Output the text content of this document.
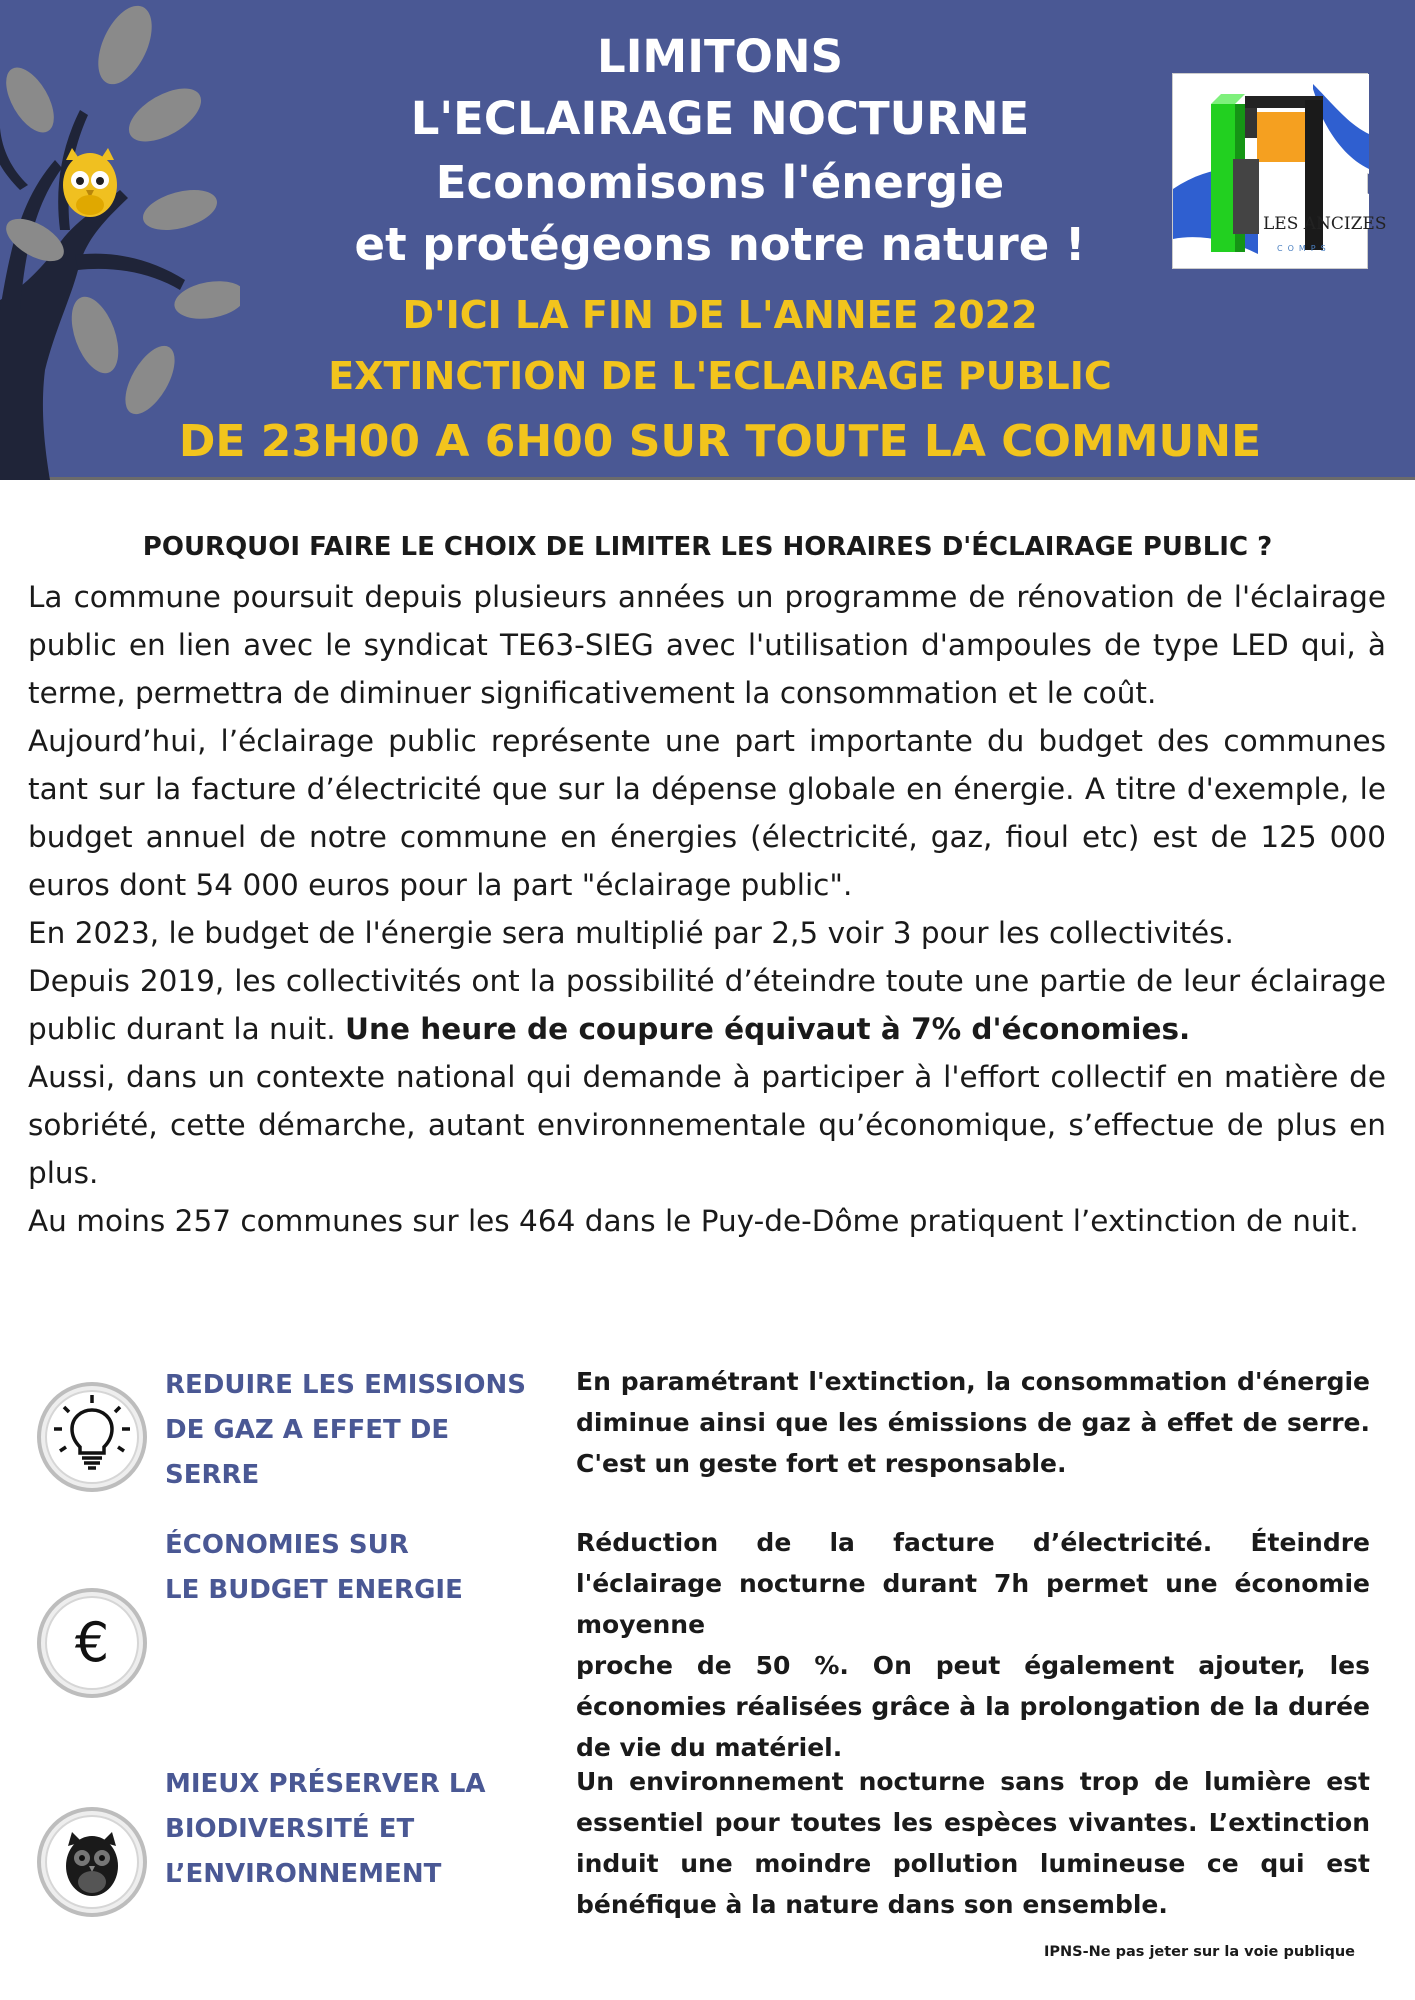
LIMITONS
L'ECLAIRAGE NOCTURNE
Economisons l'énergie
et protégeons notre nature !
D'ICI LA FIN DE L'ANNEE 2022
EXTINCTION DE L'ECLAIRAGE PUBLIC
DE 23H00 A 6H00 SUR TOUTE LA COMMUNE
LES ANCIZES
COMPS
POURQUOI FAIRE LE CHOIX DE LIMITER LES HORAIRES D'ÉCLAIRAGE PUBLIC ?

La commune poursuit depuis plusieurs années un programme de rénovation de l'éclairage public en lien avec le syndicat TE63-SIEG avec l'utilisation d'ampoules de type LED qui, à terme, permettra de diminuer significativement la consommation et le coût.

Aujourd’hui, l’éclairage public représente une part importante du budget des communes tant sur la facture d’électricité que sur la dépense globale en énergie. A titre d'exemple, le budget annuel de notre commune en énergies (électricité, gaz, fioul etc) est de 125 000 euros dont 54 000 euros pour la part "éclairage public".

En 2023, le budget de l'énergie sera multiplié par 2,5 voir 3 pour les collectivités.

Depuis 2019, les collectivités ont la possibilité d’éteindre toute une partie de leur éclairage public durant la nuit. Une heure de coupure équivaut à 7% d'économies.

Aussi, dans un contexte national qui demande à participer à l'effort collectif en matière de sobriété, cette démarche, autant environnementale qu’économique, s’effectue de plus en plus.

Au moins 257 communes sur les 464 dans le Puy-de-Dôme pratiquent l’extinction de nuit.

REDUIRE LES EMISSIONS
DE GAZ A EFFET DE SERRE
En paramétrant l'extinction, la consommation d'énergie diminue ainsi que les émissions de gaz à effet de serre. C'est un geste fort et responsable.
€
ÉCONOMIES SUR
LE BUDGET ENERGIE
Réduction de la facture d’électricité. Éteindre l'éclairage nocturne durant 7h permet une économie moyenne
proche de 50 %. On peut également ajouter, les économies réalisées grâce à la prolongation de la durée de vie du matériel.
MIEUX PRÉSERVER LA
BIODIVERSITÉ ET
L’ENVIRONNEMENT
Un environnement nocturne sans trop de lumière est essentiel pour toutes les espèces vivantes. L’extinction induit une moindre pollution lumineuse ce qui est bénéfique à la nature dans son ensemble.
IPNS-Ne pas jeter sur la voie publique
